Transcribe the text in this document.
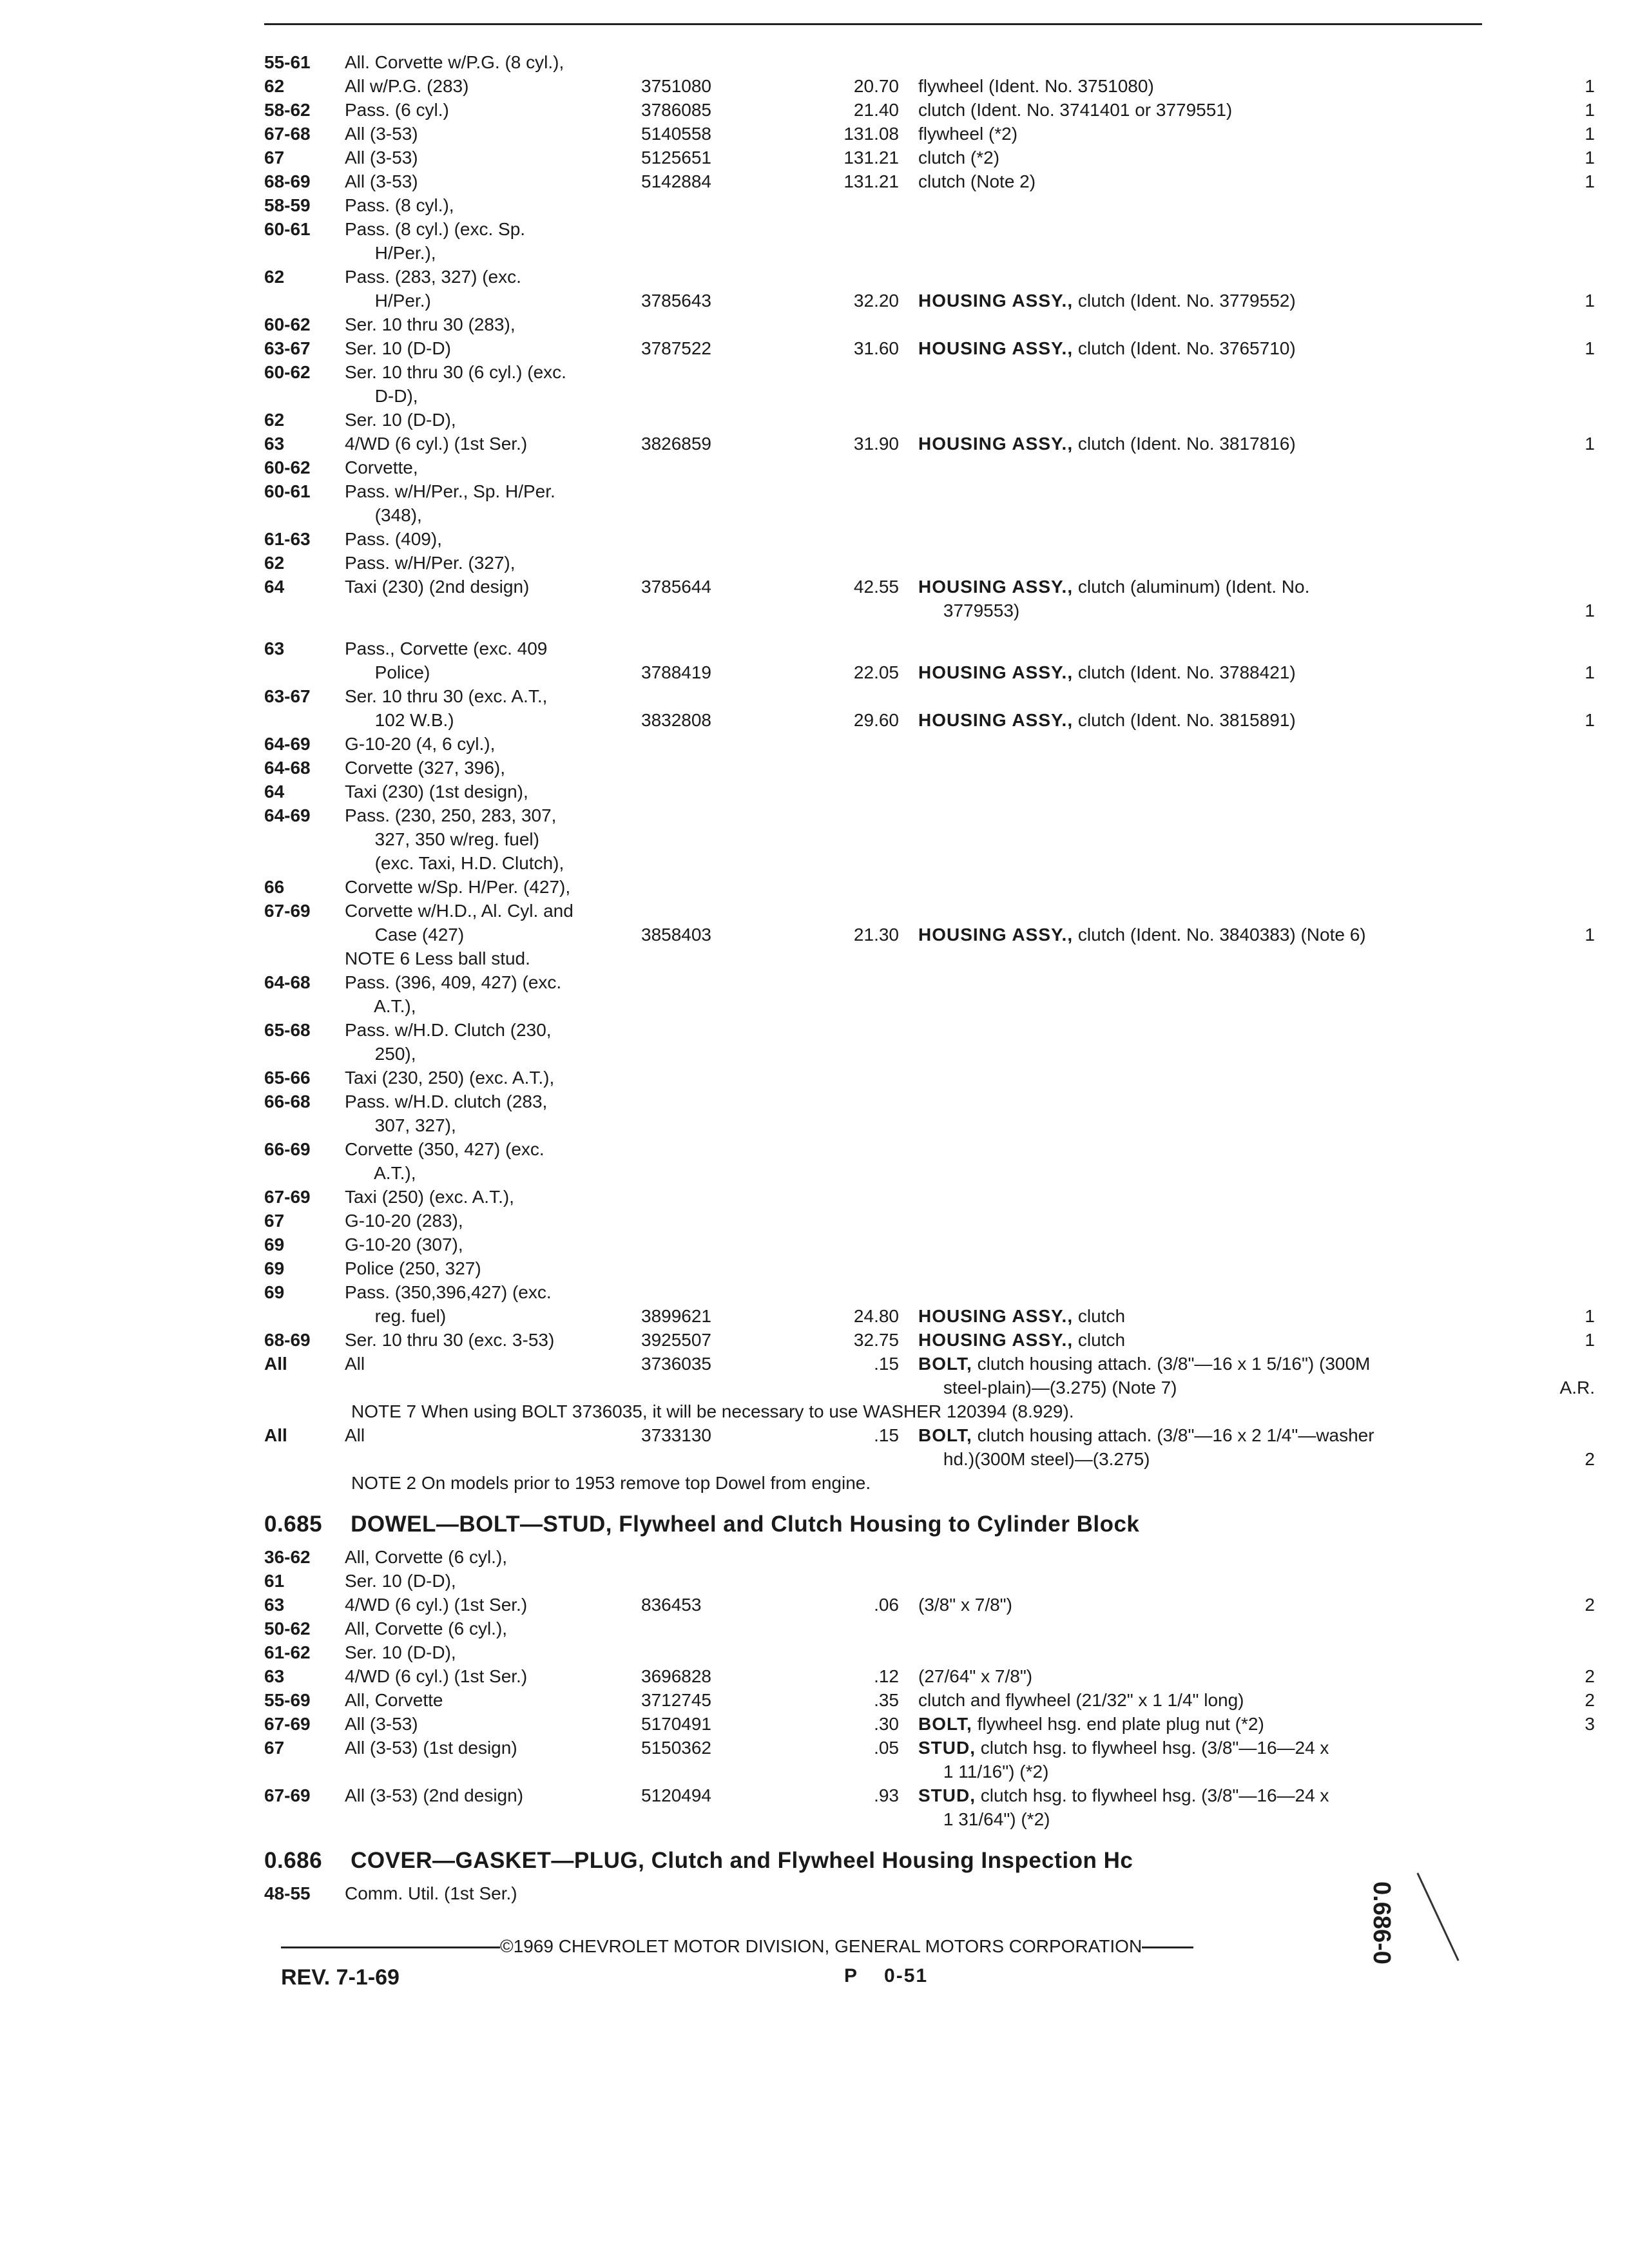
55-61	All. Corvette w/P.G. (8 cyl.),
62	All w/P.G. (283)	3751080	20.70	flywheel (Ident. No. 3751080)	1
58-62	Pass. (6 cyl.)	3786085	21.40	clutch (Ident. No. 3741401 or 3779551)	1
67-68	All (3-53)	5140558	131.08	flywheel (*2)	1
67	All (3-53)	5125651	131.21	clutch (*2)	1
68-69	All (3-53)	5142884	131.21	clutch (Note 2)	1
58-59	Pass. (8 cyl.),
60-61	Pass. (8 cyl.) (exc. Sp.
H/Per.),
62	Pass. (283, 327) (exc.
H/Per.)	3785643	32.20	HOUSING ASSY., clutch (Ident. No. 3779552)	1
60-62	Ser. 10 thru 30 (283),
63-67	Ser. 10 (D-D)	3787522	31.60	HOUSING ASSY., clutch (Ident. No. 3765710)	1
60-62	Ser. 10 thru 30 (6 cyl.) (exc.
D-D),
62	Ser. 10 (D-D),
63	4/WD (6 cyl.) (1st Ser.)	3826859	31.90	HOUSING ASSY., clutch (Ident. No. 3817816)	1
60-62	Corvette,
60-61	Pass. w/H/Per., Sp. H/Per.
(348),
61-63	Pass. (409),
62	Pass. w/H/Per. (327),
64	Taxi (230) (2nd design)	3785644	42.55	HOUSING ASSY., clutch (aluminum) (Ident. No.
3779553)	1
63	Pass., Corvette (exc. 409
Police)	3788419	22.05	HOUSING ASSY., clutch (Ident. No. 3788421)	1
63-67	Ser. 10 thru 30 (exc. A.T.,
102 W.B.)	3832808	29.60	HOUSING ASSY., clutch (Ident. No. 3815891)	1
64-69	G-10-20 (4, 6 cyl.),
64-68	Corvette (327, 396),
64	Taxi (230) (1st design),
64-69	Pass. (230, 250, 283, 307,
327, 350 w/reg. fuel)
(exc. Taxi, H.D. Clutch),
66	Corvette w/Sp. H/Per. (427),
67-69	Corvette w/H.D., Al. Cyl. and
Case (427)	3858403	21.30	HOUSING ASSY., clutch (Ident. No. 3840383) (Note 6)	1
NOTE 6 Less ball stud.
64-68	Pass. (396, 409, 427) (exc.
A.T.),
65-68	Pass. w/H.D. Clutch (230,
250),
65-66	Taxi (230, 250) (exc. A.T.),
66-68	Pass. w/H.D. clutch (283,
307, 327),
66-69	Corvette (350, 427) (exc.
A.T.),
67-69	Taxi (250) (exc. A.T.),
67	G-10-20 (283),
69	G-10-20 (307),
69	Police (250, 327)
69	Pass. (350,396,427) (exc.
reg. fuel)	3899621	24.80	HOUSING ASSY., clutch	1
68-69	Ser. 10 thru 30 (exc. 3-53)	3925507	32.75	HOUSING ASSY., clutch	1
All	All	3736035	.15	BOLT, clutch housing attach. (3/8"—16 x 1 5/16") (300M
steel-plain)—(3.275) (Note 7)	A.R.
NOTE 7 When using BOLT 3736035, it will be necessary to use WASHER 120394 (8.929).
All	All	3733130	.15	BOLT, clutch housing attach. (3/8"—16 x 2 1/4"—washer
hd.)(300M steel)—(3.275)	2
NOTE 2 On models prior to 1953 remove top Dowel from engine.
0.685 DOWEL—BOLT—STUD, Flywheel and Clutch Housing to Cylinder Block
36-62	All, Corvette (6 cyl.),
61	Ser. 10 (D-D),
63	4/WD (6 cyl.) (1st Ser.)	836453	.06	(3/8" x 7/8")	2
50-62	All, Corvette (6 cyl.),
61-62	Ser. 10 (D-D),
63	4/WD (6 cyl.) (1st Ser.)	3696828	.12	(27/64" x 7/8")	2
55-69	All, Corvette	3712745	.35	clutch and flywheel (21/32" x 1 1/4" long)	2
67-69	All (3-53)	5170491	.30	BOLT, flywheel hsg. end plate plug nut (*2)	3
67	All (3-53) (1st design)	5150362	.05	STUD, clutch hsg. to flywheel hsg. (3/8"—16—24 x
1 11/16") (*2)
67-69	All (3-53) (2nd design)	5120494	.93	STUD, clutch hsg. to flywheel hsg. (3/8"—16—24 x
1 31/64") (*2)
0.686 COVER—GASKET—PLUG, Clutch and Flywheel Housing Inspection Hc
48-55	Comm. Util. (1st Ser.)
©1969 CHEVROLET MOTOR DIVISION, GENERAL MOTORS CORPORATION
REV. 7-1-69	P 0-51
0.686-0
